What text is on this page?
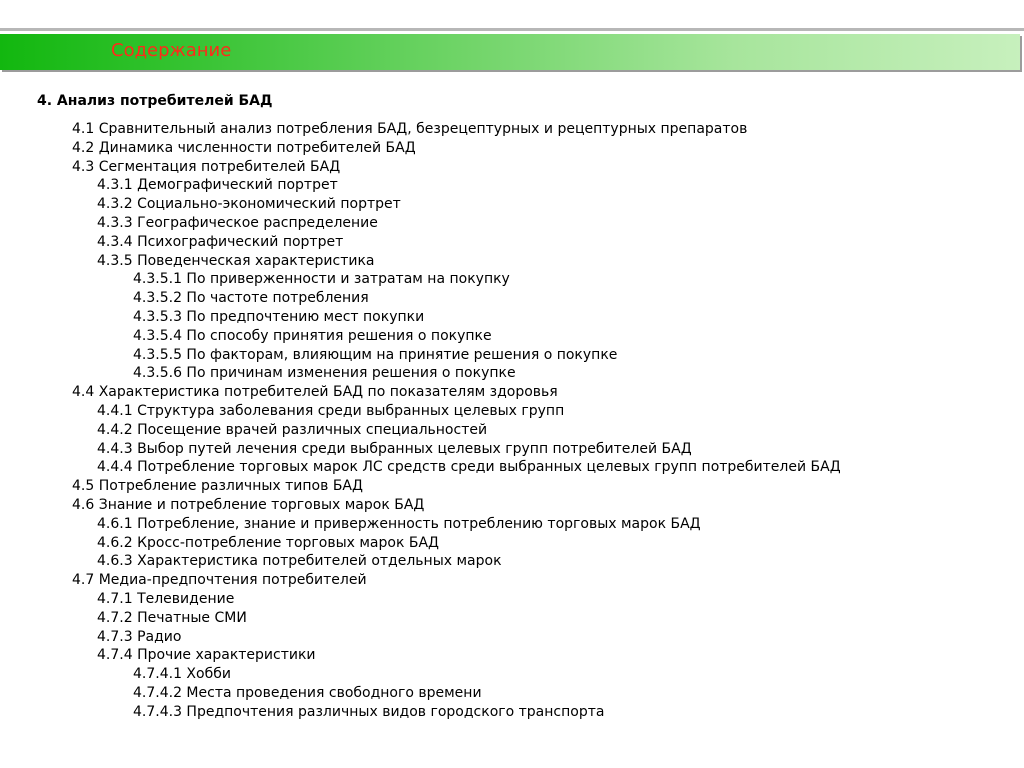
Содержание
4. Анализ потребителей БАД
4.1 Сравнительный анализ потребления БАД, безрецептурных и рецептурных препаратов
4.2 Динамика численности потребителей БАД
4.3 Сегментация потребителей БАД
4.3.1 Демографический портрет
4.3.2 Социально-экономический портрет
4.3.3 Географическое распределение
4.3.4 Психографический портрет
4.3.5 Поведенческая характеристика
4.3.5.1 По приверженности и затратам на покупку
4.3.5.2 По частоте потребления
4.3.5.3 По предпочтению мест покупки
4.3.5.4 По способу принятия решения о покупке
4.3.5.5 По факторам, влияющим на принятие решения о покупке
4.3.5.6 По причинам изменения решения о покупке
4.4 Характеристика потребителей БАД по показателям здоровья
4.4.1 Структура заболевания среди выбранных целевых групп
4.4.2 Посещение врачей различных специальностей
4.4.3 Выбор путей лечения среди выбранных целевых групп потребителей БАД
4.4.4 Потребление торговых марок ЛС средств среди выбранных целевых групп потребителей БАД
4.5 Потребление различных типов БАД
4.6 Знание и потребление торговых марок БАД
4.6.1 Потребление, знание и приверженность потреблению торговых марок БАД
4.6.2 Кросс-потребление торговых марок БАД
4.6.3 Характеристика потребителей отдельных марок
4.7 Медиа-предпочтения потребителей
4.7.1 Телевидение
4.7.2 Печатные СМИ
4.7.3 Радио
4.7.4 Прочие характеристики
4.7.4.1 Хобби
4.7.4.2 Места проведения свободного времени
4.7.4.3 Предпочтения различных видов городского транспорта
